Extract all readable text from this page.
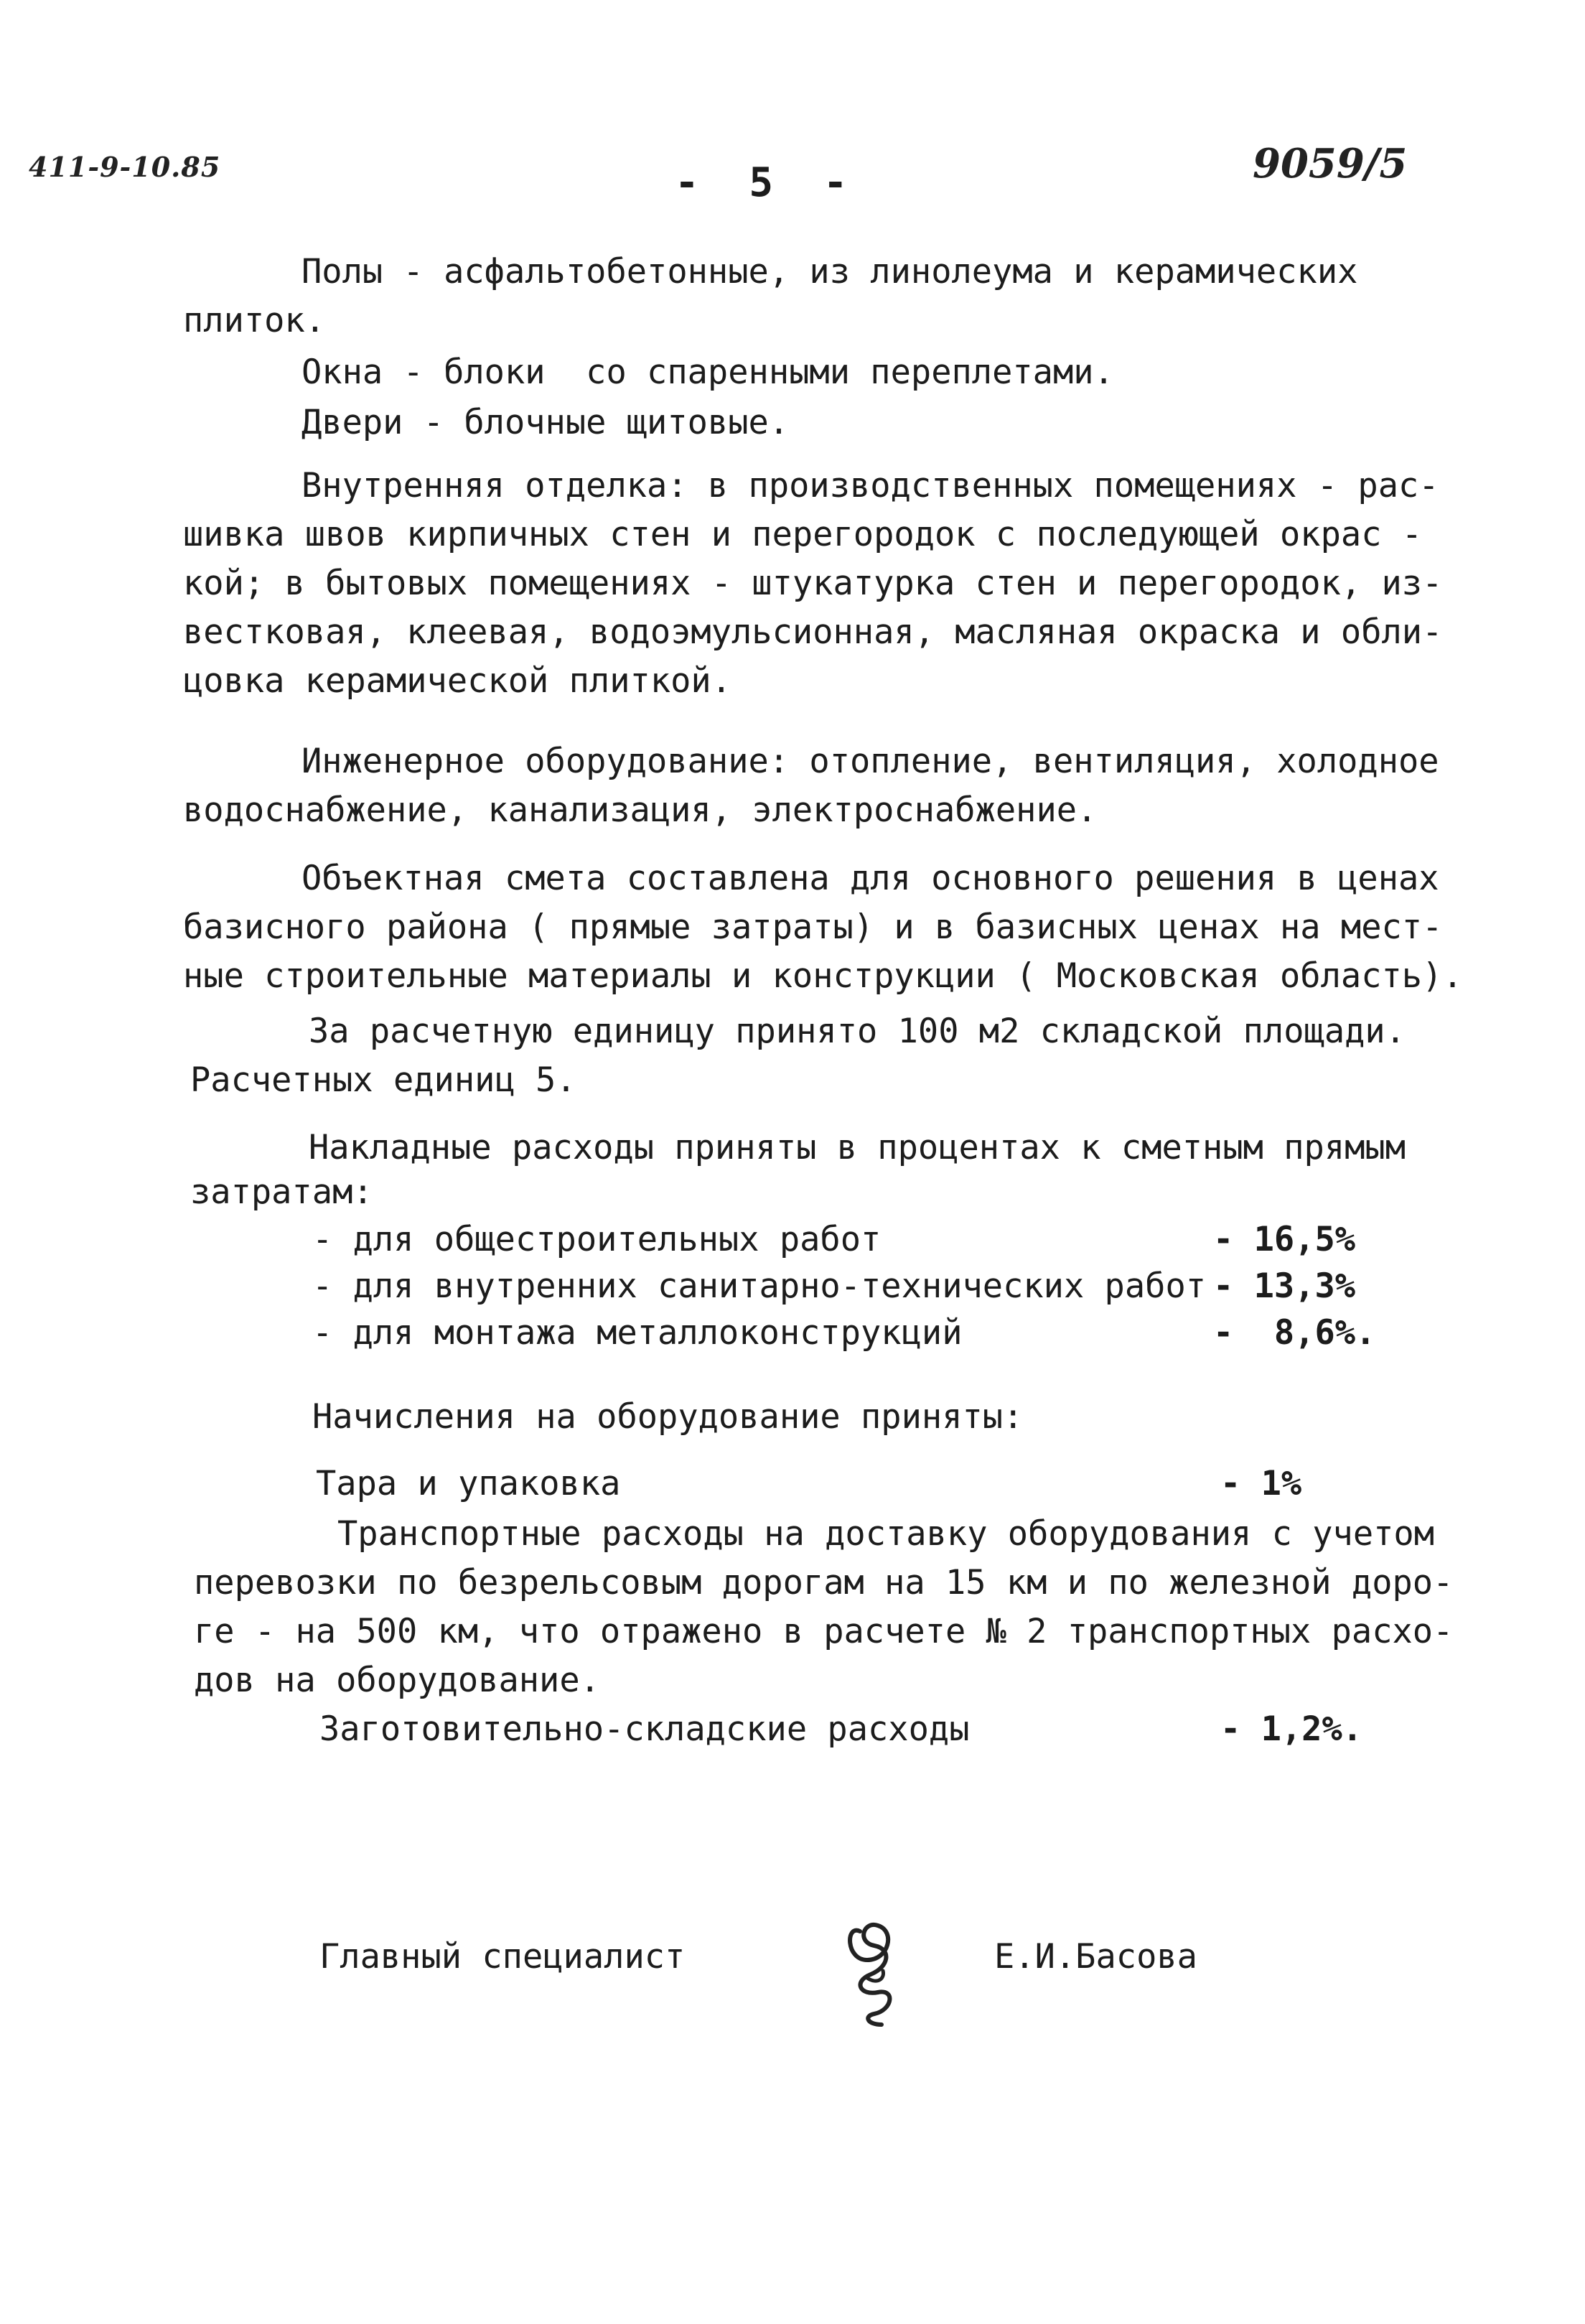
411-9-10.85	- 5 -	9059/5
Полы - асфальтобетонные, из линолеума и керамических
плиток.
Окна - блоки  со спаренными переплетами.
Двери - блочные щитовые.
Внутренняя отделка: в производственных помещениях - рас-
шивка швов кирпичных стен и перегородок с последующей окрас -
кой; в бытовых помещениях - штукатурка стен и перегородок, из-
вестковая, клеевая, водоэмульсионная, масляная окраска и обли-
цовка керамической плиткой.
Инженерное оборудование: отопление, вентиляция, холодное
водоснабжение, канализация, электроснабжение.
Объектная смета составлена для основного решения в ценах
базисного района ( прямые затраты) и в базисных ценах на мест-
ные строительные материалы и конструкции ( Московская область).
За расчетную единицу принято 100 м2 складской площади.
Расчетных единиц 5.
Накладные расходы приняты в процентах к сметным прямым
затратам:
- для общестроительных работ	- 16,5%
- для внутренних санитарно-технических работ - 13,3%
- для монтажа металлоконструкций	-  8,6%.
Начисления на оборудование приняты:
Тара и упаковка	- 1%
Транспортные расходы на доставку оборудования с учетом
перевозки по безрельсовым дорогам на 15 км и по железной доро-
ге - на 500 км, что отражено в расчете № 2 транспортных расхо-
дов на оборудование.
Заготовительно-складские расходы	- 1,2%.
Главный специалист	Е.И.Басова
